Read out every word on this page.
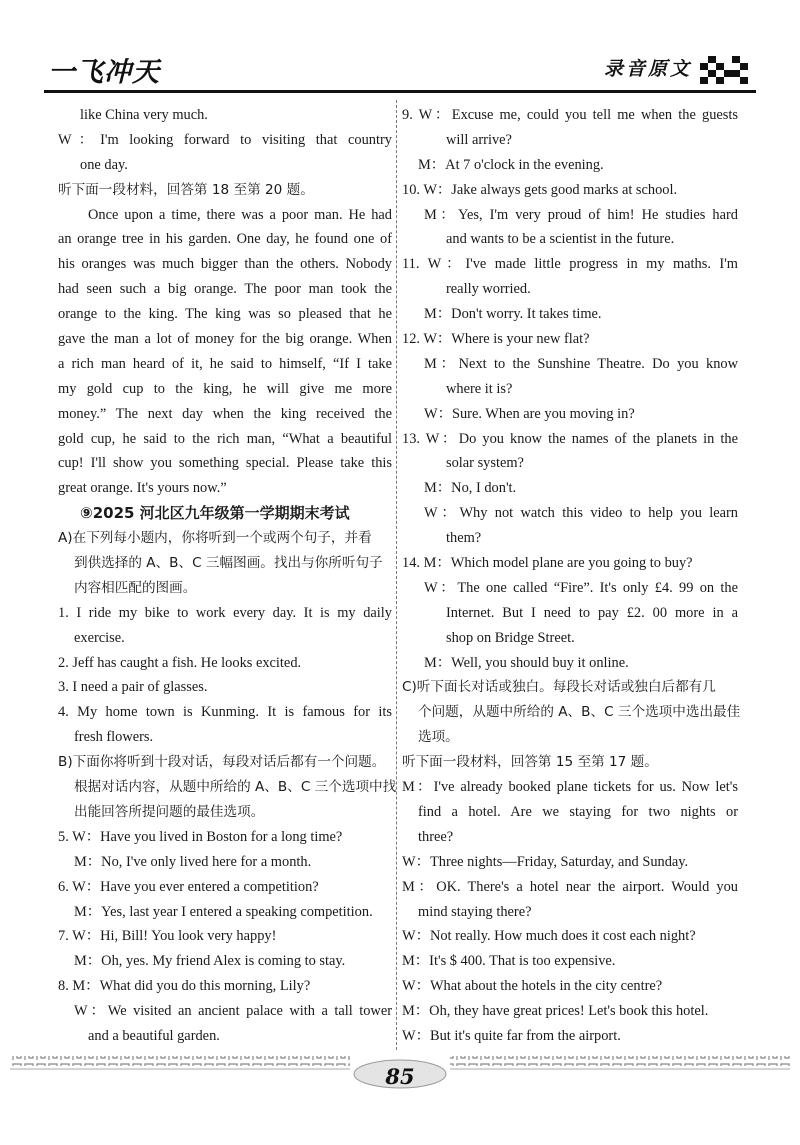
一飞冲天	录音原文
like China very much.
W：I'm looking forward to visiting that country
one day.
听下面一段材料，回答第 18 至第 20 题。
Once upon a time, there was a poor man. He had
an orange tree in his garden. One day, he found one of
his oranges was much bigger than the others. Nobody
had seen such a big orange. The poor man took the
orange to the king. The king was so pleased that he
gave the man a lot of money for the big orange. When
a rich man heard of it, he said to himself, “If I take
my gold cup to the king, he will give me more
money.” The next day when the king received the
gold cup, he said to the rich man, “What a beautiful
cup! I'll show you something special. Please take this
great orange. It's yours now.”
⑨2025 河北区九年级第一学期期末考试
A)在下列每小题内，你将听到一个或两个句子，并看
到供选择的 A、B、C 三幅图画。找出与你所听句子
内容相匹配的图画。
1. I ride my bike to work every day. It is my daily
exercise.
2. Jeff has caught a fish. He looks excited.
3. I need a pair of glasses.
4. My home town is Kunming. It is famous for its
fresh flowers.
B)下面你将听到十段对话，每段对话后都有一个问题。
根据对话内容，从题中所给的 A、B、C 三个选项中找
出能回答所提问题的最佳选项。
5. W：Have you lived in Boston for a long time?
M：No, I've only lived here for a month.
6. W：Have you ever entered a competition?
M：Yes, last year I entered a speaking competition.
7. W：Hi, Bill! You look very happy!
M：Oh, yes. My friend Alex is coming to stay.
8. M：What did you do this morning, Lily?
W：We visited an ancient palace with a tall tower
and a beautiful garden.
9. W：Excuse me, could you tell me when the guests
will arrive?
M：At 7 o'clock in the evening.
10. W：Jake always gets good marks at school.
M：Yes, I'm very proud of him! He studies hard
and wants to be a scientist in the future.
11. W：I've made little progress in my maths. I'm
really worried.
M：Don't worry. It takes time.
12. W：Where is your new flat?
M：Next to the Sunshine Theatre. Do you know
where it is?
W：Sure. When are you moving in?
13. W：Do you know the names of the planets in the
solar system?
M：No, I don't.
W：Why not watch this video to help you learn
them?
14. M：Which model plane are you going to buy?
W：The one called “Fire”. It's only £4. 99 on the
Internet. But I need to pay £2. 00 more in a
shop on Bridge Street.
M：Well, you should buy it online.
C)听下面长对话或独白。每段长对话或独白后都有几
个问题，从题中所给的 A、B、C 三个选项中选出最佳
选项。
听下面一段材料，回答第 15 至第 17 题。
M：I've already booked plane tickets for us. Now let's
find a hotel. Are we staying for two nights or
three?
W：Three nights—Friday, Saturday, and Sunday.
M：OK. There's a hotel near the airport. Would you
mind staying there?
W：Not really. How much does it cost each night?
M：It's $ 400. That is too expensive.
W：What about the hotels in the city centre?
M：Oh, they have great prices! Let's book this hotel.
W：But it's quite far from the airport.
85
